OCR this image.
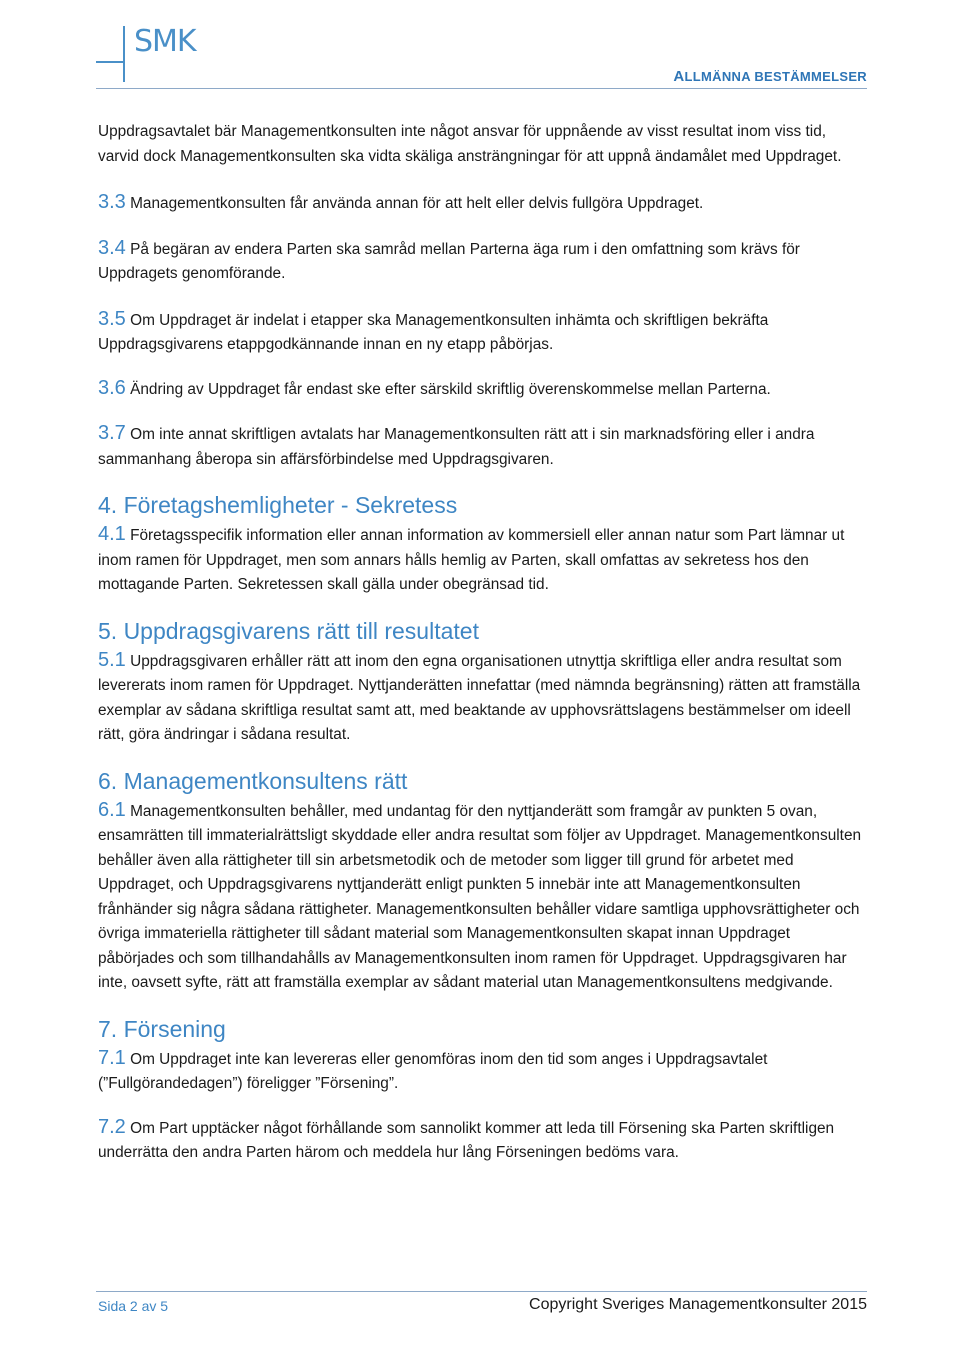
SMK
ALLMÄNNA BESTÄMMELSER

Uppdragsavtalet bär Managementkonsulten inte något ansvar för uppnående av visst resultat inom viss tid, varvid dock Managementkonsulten ska vidta skäliga ansträngningar för att uppnå ändamålet med Uppdraget.

3.3 Managementkonsulten får använda annan för att helt eller delvis fullgöra Uppdraget.

3.4 På begäran av endera Parten ska samråd mellan Parterna äga rum i den omfattning som krävs för Uppdragets genomförande.

3.5 Om Uppdraget är indelat i etapper ska Managementkonsulten inhämta och skriftligen bekräfta Uppdragsgivarens etappgodkännande innan en ny etapp påbörjas.

3.6 Ändring av Uppdraget får endast ske efter särskild skriftlig överenskommelse mellan Parterna.

3.7 Om inte annat skriftligen avtalats har Managementkonsulten rätt att i sin marknadsföring eller i andra sammanhang åberopa sin affärsförbindelse med Uppdragsgivaren.

4. Företagshemligheter - Sekretess

4.1 Företagsspecifik information eller annan information av kommersiell eller annan natur som Part lämnar ut inom ramen för Uppdraget, men som annars hålls hemlig av Parten, skall omfattas av sekretess hos den mottagande Parten. Sekretessen skall gälla under obegränsad tid.

5. Uppdragsgivarens rätt till resultatet

5.1 Uppdragsgivaren erhåller rätt att inom den egna organisationen utnyttja skriftliga eller andra resultat som levererats inom ramen för Uppdraget. Nyttjanderätten innefattar (med nämnda begränsning) rätten att framställa exemplar av sådana skriftliga resultat samt att, med beaktande av upphovsrättslagens bestämmelser om ideell rätt, göra ändringar i sådana resultat.

6. Managementkonsultens rätt

6.1 Managementkonsulten behåller, med undantag för den nyttjanderätt som framgår av punkten 5 ovan, ensamrätten till immaterialrättsligt skyddade eller andra resultat som följer av Uppdraget. Managementkonsulten behåller även alla rättigheter till sin arbetsmetodik och de metoder som ligger till grund för arbetet med Uppdraget, och Uppdragsgivarens nyttjanderätt enligt punkten 5 innebär inte att Managementkonsulten frånhänder sig några sådana rättigheter. Managementkonsulten behåller vidare samtliga upphovsrättigheter och övriga immateriella rättigheter till sådant material som Managementkonsulten skapat innan Uppdraget påbörjades och som tillhandahålls av Managementkonsulten inom ramen för Uppdraget. Uppdragsgivaren har inte, oavsett syfte, rätt att framställa exemplar av sådant material utan Managementkonsultens medgivande.

7. Försening

7.1 Om Uppdraget inte kan levereras eller genomföras inom den tid som anges i Uppdragsavtalet (”Fullgörandedagen”) föreligger ”Försening”.

7.2 Om Part upptäcker något förhållande som sannolikt kommer att leda till Försening ska Parten skriftligen underrätta den andra Parten härom och meddela hur lång Förseningen bedöms vara.

Sida 2 av 5	Copyright Sveriges Managementkonsulter 2015
